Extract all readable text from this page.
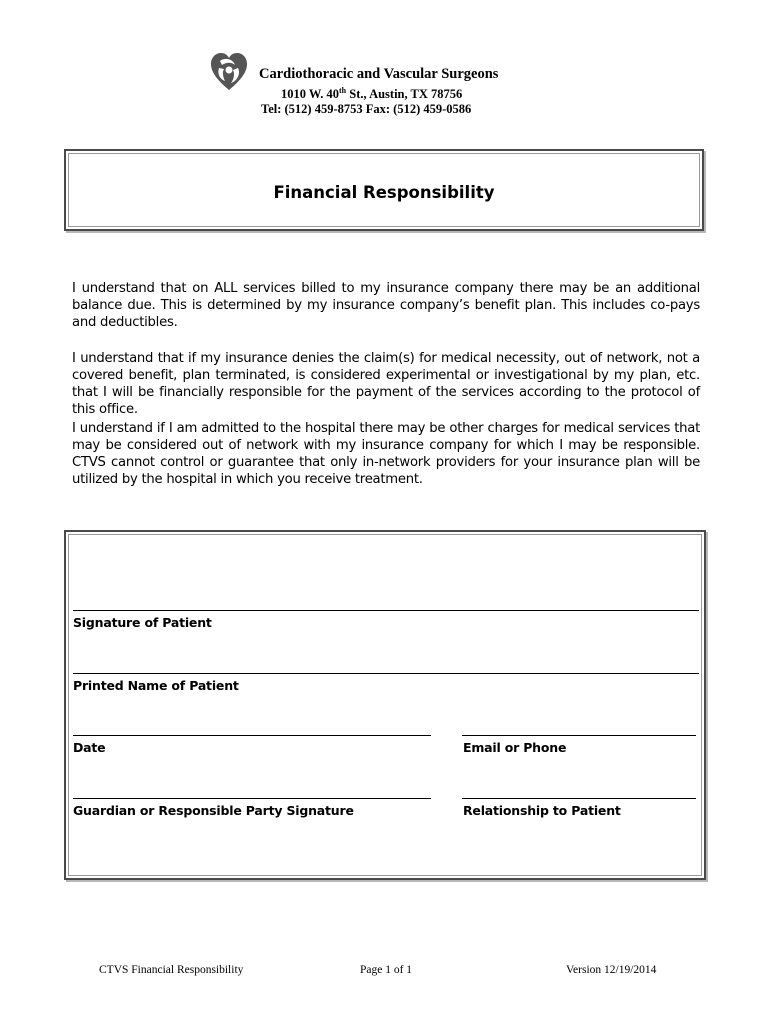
Cardiothoracic and Vascular Surgeons
1010 W. 40th St., Austin, TX 78756
Tel: (512) 459-8753 Fax: (512) 459-0586
Financial Responsibility
I understand that on ALL services billed to my insurance company there may be an additional balance due. This is determined by my insurance company’s benefit plan. This includes co-pays and deductibles.
I understand that if my insurance denies the claim(s) for medical necessity, out of network, not a covered benefit, plan terminated, is considered experimental or investigational by my plan, etc. that I will be financially responsible for the payment of the services according to the protocol of this office.
I understand if I am admitted to the hospital there may be other charges for medical services that may be considered out of network with my insurance company for which I may be responsible. CTVS cannot control or guarantee that only in-network providers for your insurance plan will be utilized by the hospital in which you receive treatment.
Signature of Patient
Printed Name of Patient
Date	Email or Phone
Guardian or Responsible Party Signature	Relationship to Patient
CTVS Financial Responsibility	Page 1 of 1	Version 12/19/2014
